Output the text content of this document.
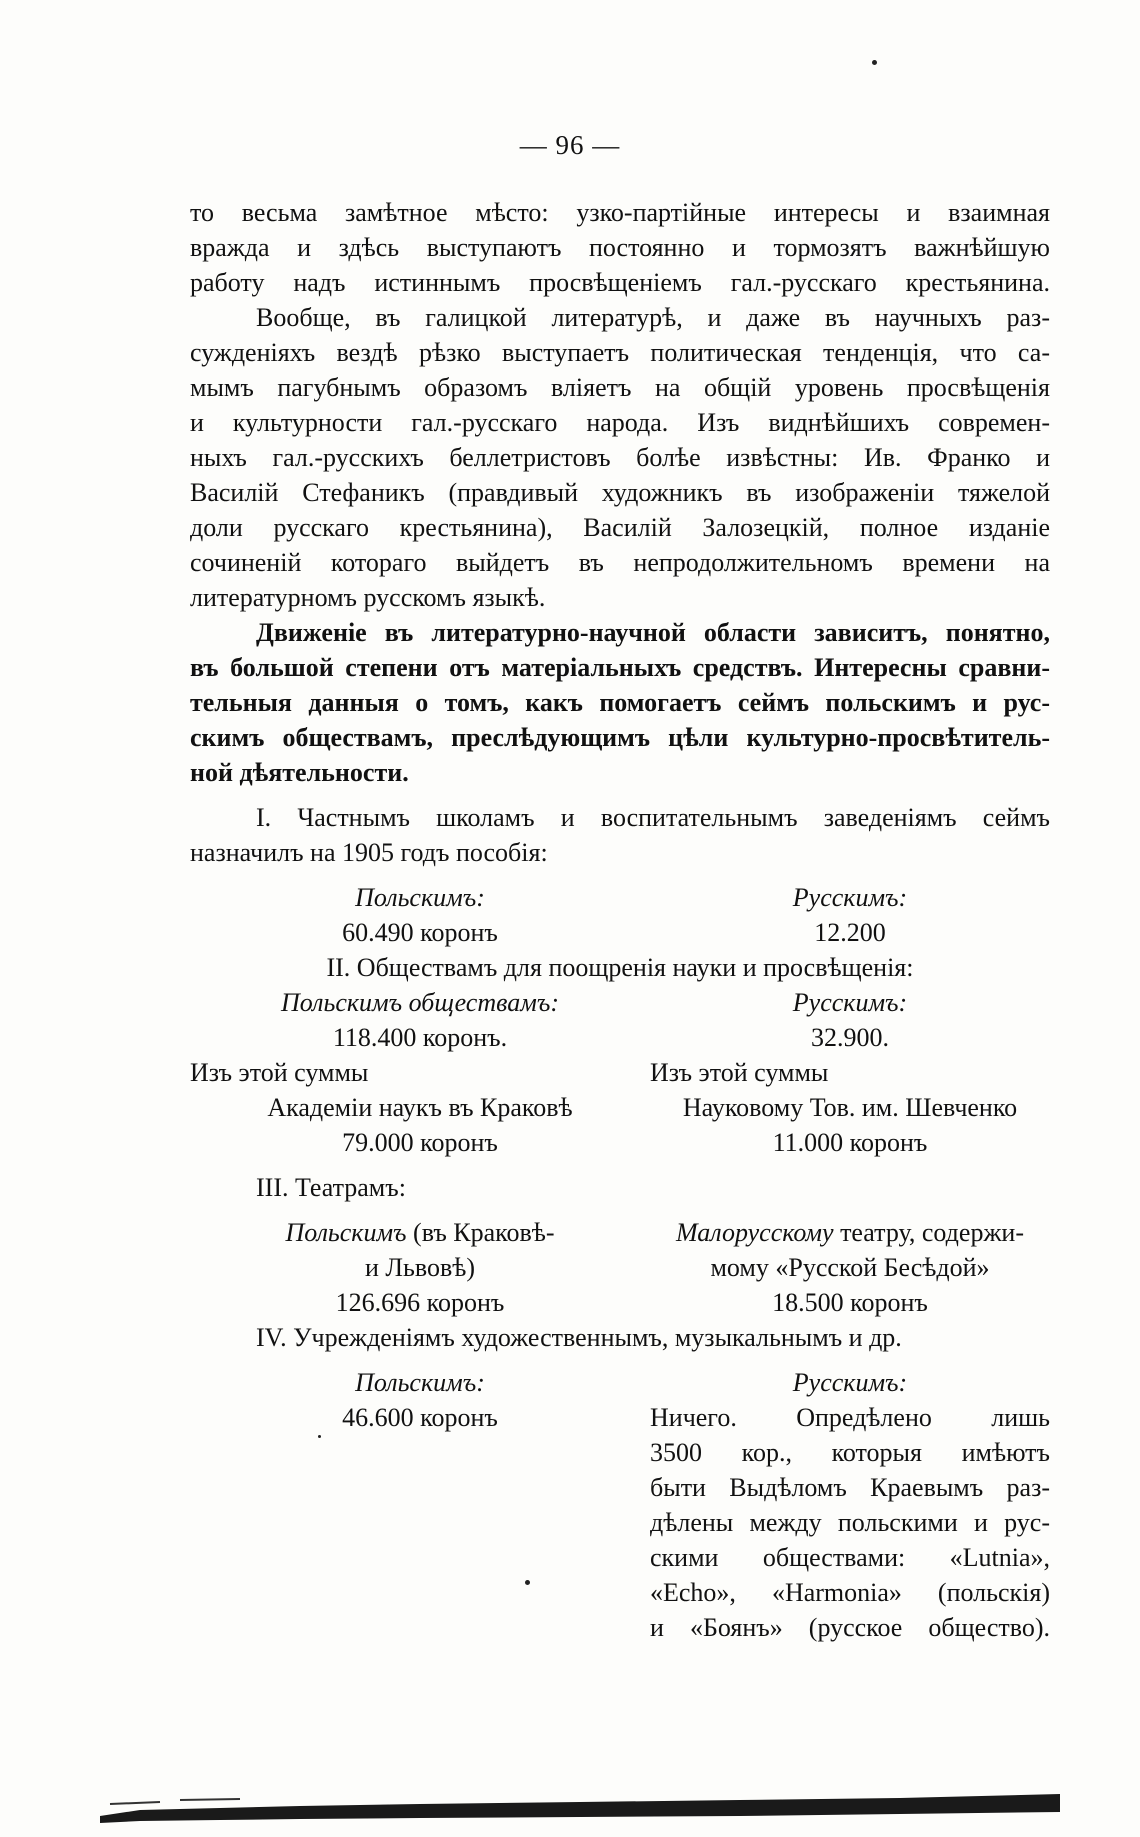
— 96 —
то весьма замѣтное мѣсто: узко-партійные интересы и взаимная
вражда и здѣсь выступаютъ постоянно и тормозятъ важнѣйшую
работу надъ истиннымъ просвѣщеніемъ гал.-русскаго крестьянина.
Вообще, въ галицкой литературѣ, и даже въ научныхъ раз-
сужденіяхъ вездѣ рѣзко выступаетъ политическая тенденція, что са-
мымъ пагубнымъ образомъ вліяетъ на общій уровень просвѣщенія
и культурности гал.-русскаго народа. Изъ виднѣйшихъ современ-
ныхъ гал.-русскихъ беллетристовъ болѣе извѣстны: Ив. Франко и
Василій Стефаникъ (правдивый художникъ въ изображеніи тяжелой
доли русскаго крестьянина), Василій Залозецкій, полное изданіе
сочиненій котораго выйдетъ въ непродолжительномъ времени на
литературномъ русскомъ языкѣ.
Движеніе въ литературно-научной области зависитъ, понятно,
въ большой степени отъ матеріальныхъ средствъ. Интересны сравни-
тельныя данныя о томъ, какъ помогаетъ сеймъ польскимъ и рус-
скимъ обществамъ, преслѣдующимъ цѣли культурно-просвѣтитель-
ной дѣятельности.
I. Частнымъ школамъ и воспитательнымъ заведеніямъ сеймъ
назначилъ на 1905 годъ пособія:
Польскимъ:
60.490 коронъ
Русскимъ:
12.200
II. Обществамъ для поощренія науки и просвѣщенія:
Польскимъ обществамъ:
118.400 коронъ.
Изъ этой суммы
Академіи наукъ въ Краковѣ
79.000 коронъ
Русскимъ:
32.900.
Изъ этой суммы
Науковому Тов. им. Шевченко
11.000 коронъ
III. Театрамъ:
Польскимъ (въ Краковѣ-
и Львовѣ)
126.696 коронъ
Малорусскому театру, содержи-
мому «Русской Бесѣдой»
18.500 коронъ
IV. Учрежденіямъ художественнымъ, музыкальнымъ и др.
Польскимъ:
46.600 коронъ
Русскимъ:
Ничего. Опредѣлено лишь
3500 кор., которыя имѣютъ
быти Выдѣломъ Краевымъ раз-
дѣлены между польскими и рус-
скими обществами: «Lutnia»,
«Echo», «Harmonia» (польскія)
и «Боянъ» (русское общество).
